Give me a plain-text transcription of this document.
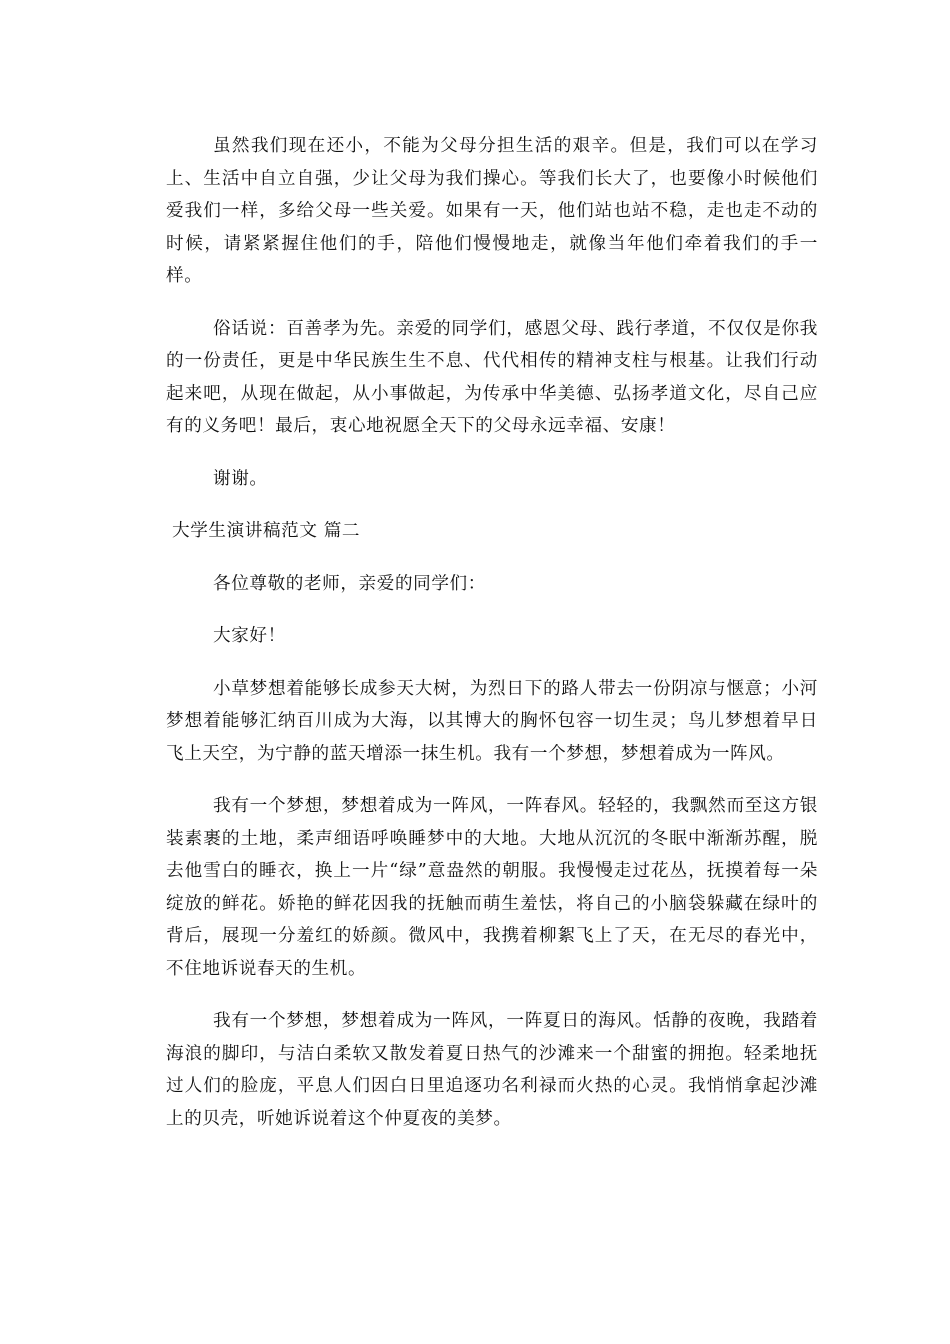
虽然我们现在还小，不能为父母分担生活的艰辛。但是，我们可以在学习上、生活中自立自强，少让父母为我们操心。等我们长大了，也要像小时候他们爱我们一样，多给父母一些关爱。如果有一天，他们站也站不稳，走也走不动的时候，请紧紧握住他们的手，陪他们慢慢地走，就像当年他们牵着我们的手一样。

俗话说：百善孝为先。亲爱的同学们，感恩父母、践行孝道，不仅仅是你我的一份责任，更是中华民族生生不息、代代相传的精神支柱与根基。让我们行动起来吧，从现在做起，从小事做起，为传承中华美德、弘扬孝道文化，尽自己应有的义务吧！最后，衷心地祝愿全天下的父母永远幸福、安康！

谢谢。

大学生演讲稿范文 篇二

各位尊敬的老师，亲爱的同学们：

大家好！

小草梦想着能够长成参天大树，为烈日下的路人带去一份阴凉与惬意；小河梦想着能够汇纳百川成为大海，以其博大的胸怀包容一切生灵；鸟儿梦想着早日飞上天空，为宁静的蓝天增添一抹生机。我有一个梦想，梦想着成为一阵风。

我有一个梦想，梦想着成为一阵风，一阵春风。轻轻的，我飘然而至这方银装素裹的土地，柔声细语呼唤睡梦中的大地。大地从沉沉的冬眠中渐渐苏醒，脱去他雪白的睡衣，换上一片“绿”意盎然的朝服。我慢慢走过花丛，抚摸着每一朵绽放的鲜花。娇艳的鲜花因我的抚触而萌生羞怯，将自己的小脑袋躲藏在绿叶的背后，展现一分羞红的娇颜。微风中，我携着柳絮飞上了天，在无尽的春光中，不住地诉说春天的生机。

我有一个梦想，梦想着成为一阵风，一阵夏日的海风。恬静的夜晚，我踏着海浪的脚印，与洁白柔软又散发着夏日热气的沙滩来一个甜蜜的拥抱。轻柔地抚过人们的脸庞，平息人们因白日里追逐功名利禄而火热的心灵。我悄悄拿起沙滩上的贝壳，听她诉说着这个仲夏夜的美梦。
